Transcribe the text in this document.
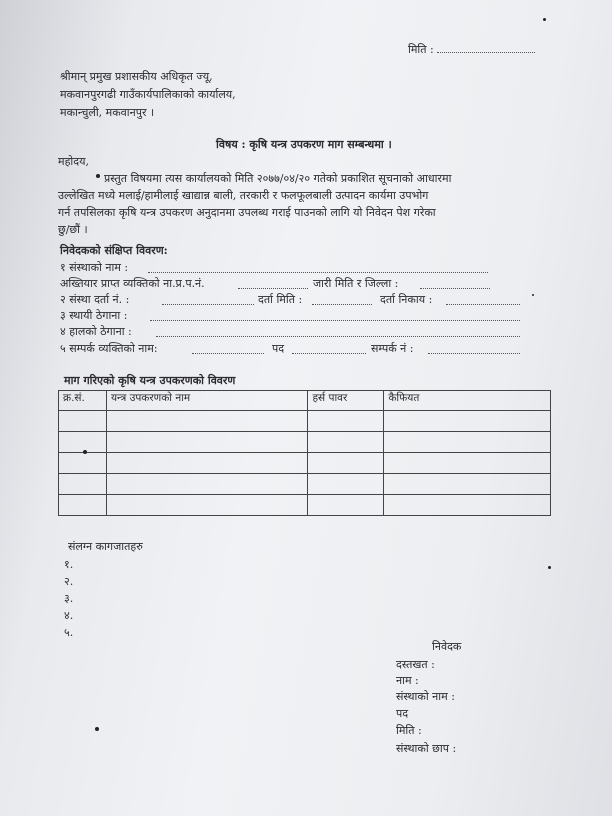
मिति :
श्रीमान् प्रमुख प्रशासकीय अधिकृत ज्यू,
मकवानपुरगढी गाउँकार्यपालिकाको कार्यालय,
मकान्चुली, मकवानपुर ।
विषय : कृषि यन्त्र उपकरण माग सम्बन्धमा ।
महोदय,
प्रस्तुत विषयमा त्यस कार्यालयको मिति २०७७/०४/२० गतेको प्रकाशित सूचनाको आधारमा
उल्लेखित मध्ये मलाई/हामीलाई खाद्यान्न बाली, तरकारी र फलफूलबाली उत्पादन कार्यमा उपभोग
गर्न तपसिलका कृषि यन्त्र उपकरण अनुदानमा उपलब्ध गराई पाउनको लागि यो निवेदन पेश गरेका
छु/छौं ।
निवेदकको संक्षिप्त विवरण:
१ संस्थाको नाम :
अख्तियार प्राप्त व्यक्तिको ना.प्र.प.नं.	जारी मिति र जिल्ला :
२ संस्था दर्ता नं. :	दर्ता मिति :	दर्ता निकाय :
३ स्थायी ठेगाना :
४ हालको ठेगाना :
५ सम्पर्क व्यक्तिको नाम:	पद	सम्पर्क नं :
माग गरिएको कृषि यन्त्र उपकरणको विवरण
क्र.सं.	यन्त्र उपकरणको नाम	हर्स पावर	कैफियत

संलग्न कागजातहरु
१.
२.
३.
४.
५.
निवेदक
दस्तखत :
नाम :
संस्थाको नाम :
पद
मिति :
संस्थाको छाप :
